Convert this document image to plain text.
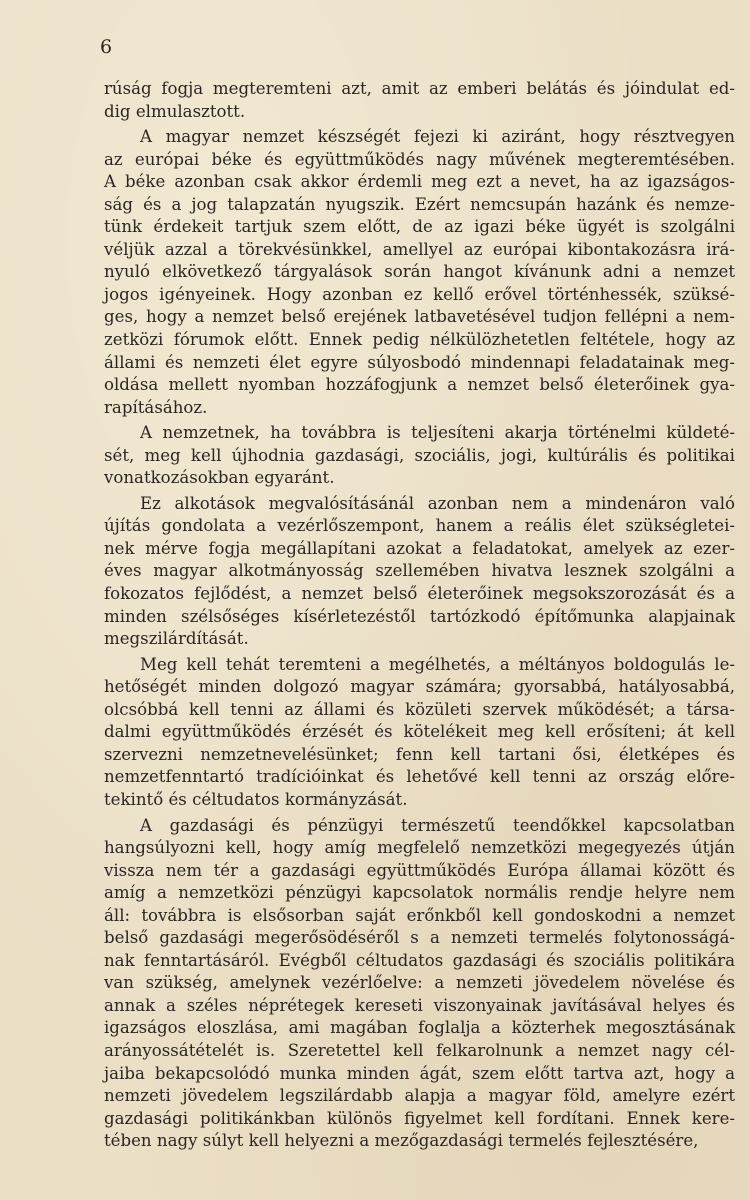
6
rúság fogja megteremteni azt, amit az emberi belátás és jóindulat ed-
dig elmulasztott.
A magyar nemzet készségét fejezi ki aziránt, hogy résztvegyen
az európai béke és együttműködés nagy művének megteremtésében.
A béke azonban csak akkor érdemli meg ezt a nevet, ha az igazságos-
ság és a jog talapzatán nyugszik. Ezért nemcsupán hazánk és nemze-
tünk érdekeit tartjuk szem előtt, de az igazi béke ügyét is szolgálni
véljük azzal a törekvésünkkel, amellyel az európai kibontakozásra irá-
nyuló elkövetkező tárgyalások során hangot kívánunk adni a nemzet
jogos igényeinek. Hogy azonban ez kellő erővel történhessék, szüksé-
ges, hogy a nemzet belső erejének latbavetésével tudjon fellépni a nem-
zetközi fórumok előtt. Ennek pedig nélkülözhetetlen feltétele, hogy az
állami és nemzeti élet egyre súlyosbodó mindennapi feladatainak meg-
oldása mellett nyomban hozzáfogjunk a nemzet belső életerőinek gya-
rapításához.
A nemzetnek, ha továbbra is teljesíteni akarja történelmi küldeté-
sét, meg kell újhodnia gazdasági, szociális, jogi, kultúrális és politikai
vonatkozásokban egyaránt.
Ez alkotások megvalósításánál azonban nem a mindenáron való
újítás gondolata a vezérlőszempont, hanem a reális élet szükségletei-
nek mérve fogja megállapítani azokat a feladatokat, amelyek az ezer-
éves magyar alkotmányosság szellemében hivatva lesznek szolgálni a
fokozatos fejlődést, a nemzet belső életerőinek megsokszorozását és a
minden szélsőséges kísérletezéstől tartózkodó építőmunka alapjainak
megszilárdítását.
Meg kell tehát teremteni a megélhetés, a méltányos boldogulás le-
hetőségét minden dolgozó magyar számára; gyorsabbá, hatályosabbá,
olcsóbbá kell tenni az állami és közületi szervek működését; a társa-
dalmi együttműködés érzését és kötelékeit meg kell erősíteni; át kell
szervezni nemzetnevelésünket; fenn kell tartani ősi, életképes és
nemzetfenntartó tradícióinkat és lehetővé kell tenni az ország előre-
tekintő és céltudatos kormányzását.
A gazdasági és pénzügyi természetű teendőkkel kapcsolatban
hangsúlyozni kell, hogy amíg megfelelő nemzetközi megegyezés útján
vissza nem tér a gazdasági együttműködés Európa államai között és
amíg a nemzetközi pénzügyi kapcsolatok normális rendje helyre nem
áll: továbbra is elsősorban saját erőnkből kell gondoskodni a nemzet
belső gazdasági megerősödéséről s a nemzeti termelés folytonosságá-
nak fenntartásáról. Evégből céltudatos gazdasági és szociális politikára
van szükség, amelynek vezérlőelve: a nemzeti jövedelem növelése és
annak a széles néprétegek kereseti viszonyainak javításával helyes és
igazságos eloszlása, ami magában foglalja a közterhek megosztásának
arányossátételét is. Szeretettel kell felkarolnunk a nemzet nagy cél-
jaiba bekapcsolódó munka minden ágát, szem előtt tartva azt, hogy a
nemzeti jövedelem legszilárdabb alapja a magyar föld, amelyre ezért
gazdasági politikánkban különös figyelmet kell fordítani. Ennek kere-
tében nagy súlyt kell helyezni a mezőgazdasági termelés fejlesztésére,
